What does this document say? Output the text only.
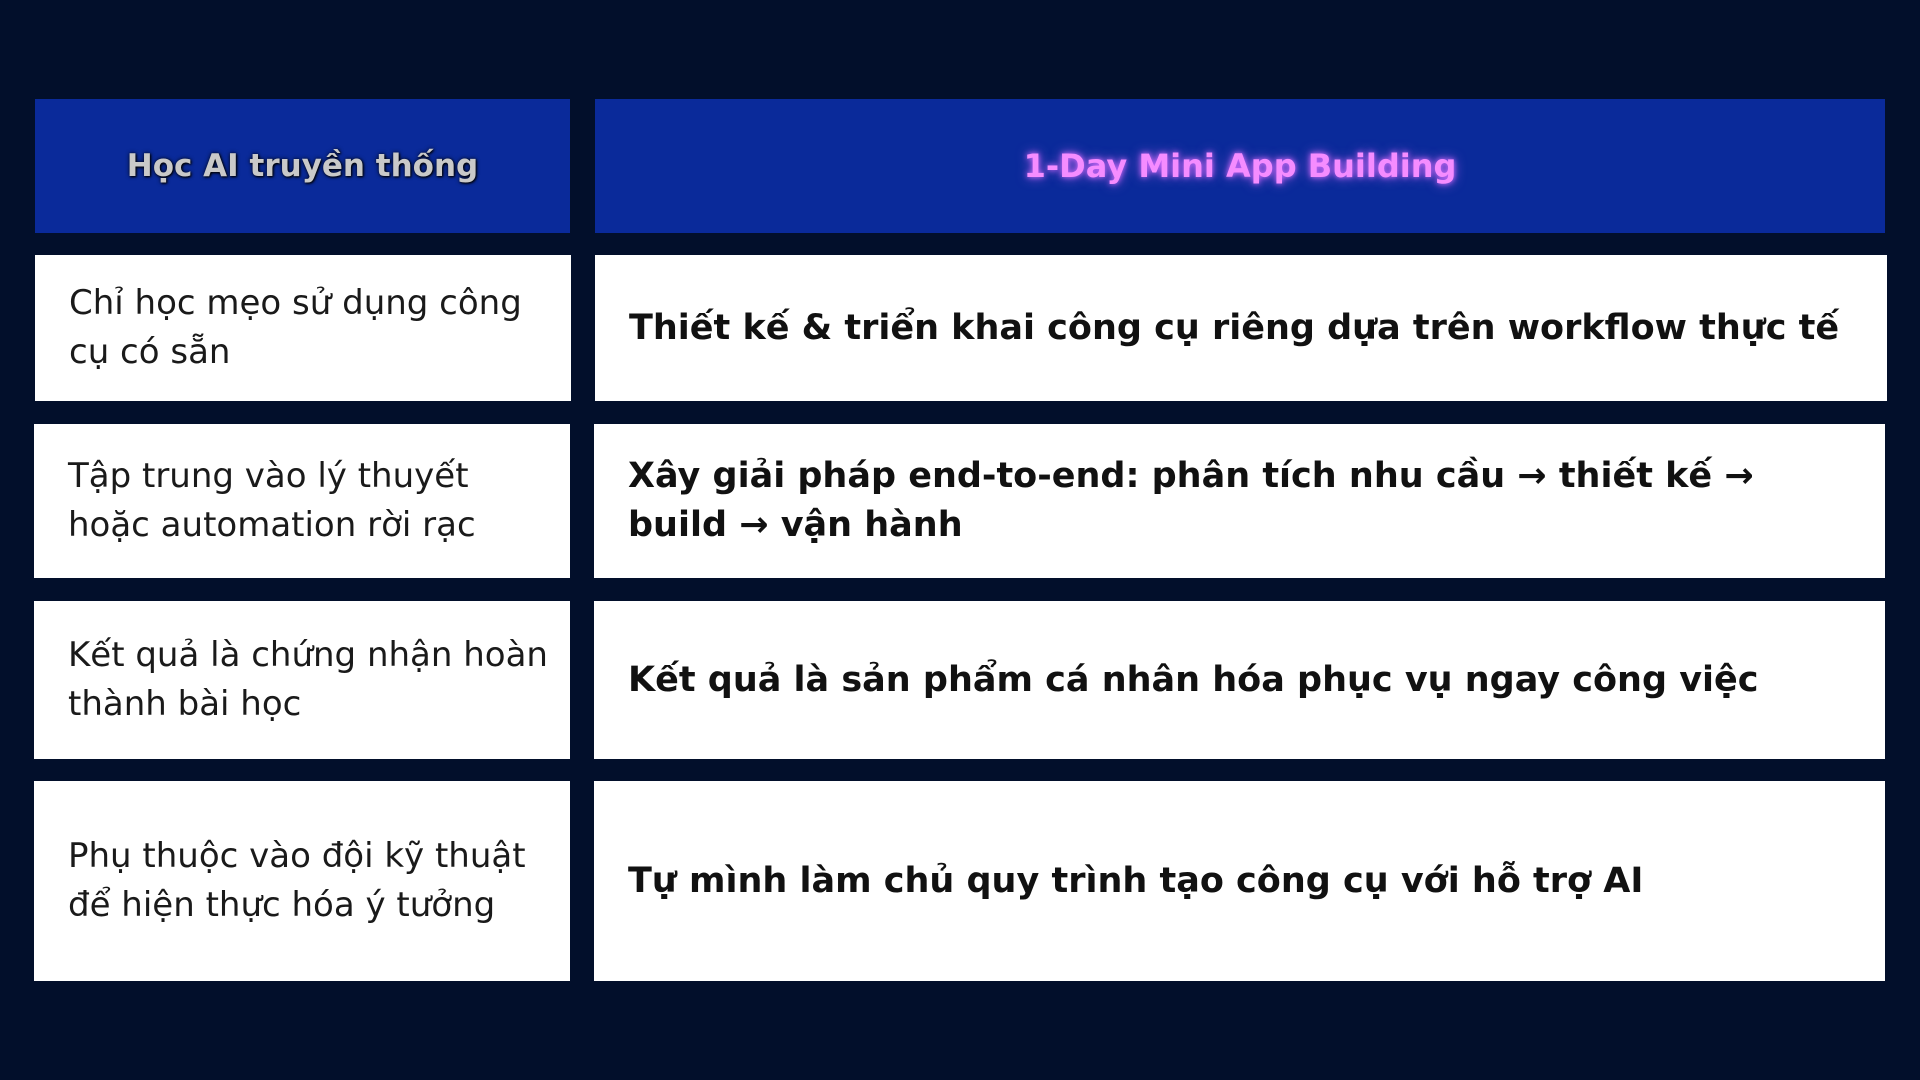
Học AI truyền thống	1-Day Mini App Building
Chỉ học mẹo sử dụng công cụ có sẵn
Thiết kế & triển khai công cụ riêng dựa trên workflow thực tế
Tập trung vào lý thuyết hoặc automation rời rạc
Xây giải pháp end-to-end: phân tích nhu cầu → thiết kế → build → vận hành
Kết quả là chứng nhận hoàn thành bài học
Kết quả là sản phẩm cá nhân hóa phục vụ ngay công việc
Phụ thuộc vào đội kỹ thuật để hiện thực hóa ý tưởng
Tự mình làm chủ quy trình tạo công cụ với hỗ trợ AI
